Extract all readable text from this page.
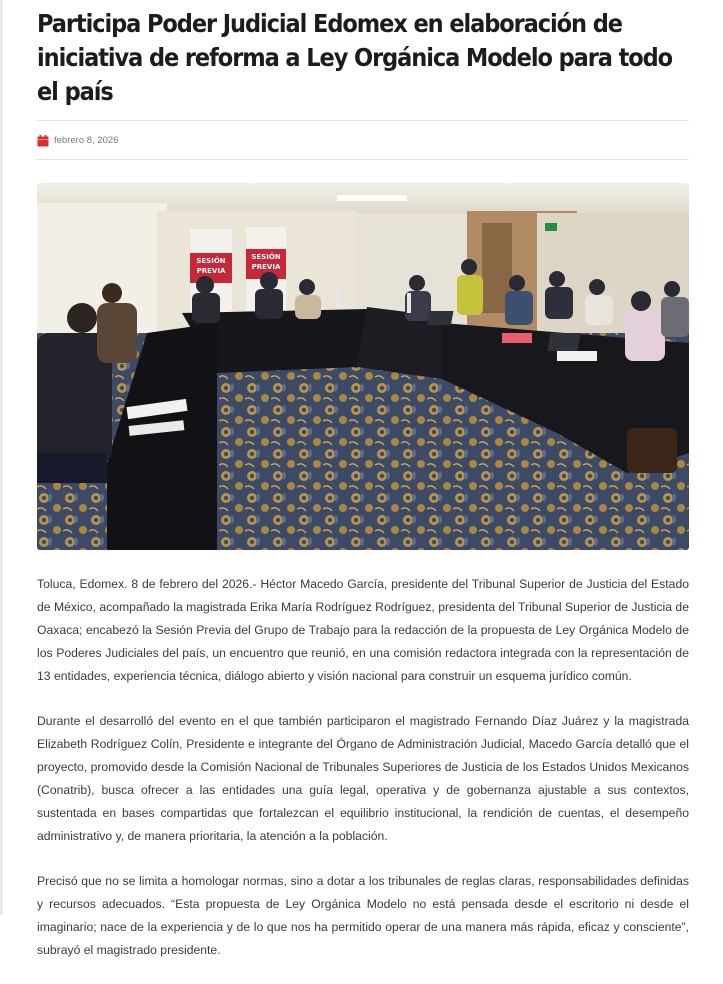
Participa Poder Judicial Edomex en elaboración de iniciativa de reforma a Ley Orgánica Modelo para todo el país
febrero 8, 2026
SESIÓN
PREVIA
SESIÓN
PREVIA

Toluca, Edomex. 8 de febrero del 2026.- Héctor Macedo García, presidente del Tribunal Superior de Justicia del Estado de México, acompañado la magistrada Erika María Rodríguez Rodríguez, presidenta del Tribunal Superior de Justicia de Oaxaca; encabezó la Sesión Previa del Grupo de Trabajo para la redacción de la propuesta de Ley Orgánica Modelo de los Poderes Judiciales del país, un encuentro que reunió, en una comisión redactora integrada con la representación de 13 entidades, experiencia técnica, diálogo abierto y visión nacional para construir un esquema jurídico común.

Durante el desarrolló del evento en el que también participaron el magistrado Fernando Díaz Juárez y la magistrada Elizabeth Rodríguez Colín, Presidente e integrante del Órgano de Administración Judicial, Macedo García detalló que el proyecto, promovido desde la Comisión Nacional de Tribunales Superiores de Justicia de los Estados Unidos Mexicanos (Conatrib), busca ofrecer a las entidades una guía legal, operativa y de gobernanza ajustable a sus contextos, sustentada en bases compartidas que fortalezcan el equilibrio institucional, la rendición de cuentas, el desempeño administrativo y, de manera prioritaria, la atención a la población.

Precisó que no se limita a homologar normas, sino a dotar a los tribunales de reglas claras, responsabilidades definidas y recursos adecuados. “Esta propuesta de Ley Orgánica Modelo no está pensada desde el escritorio ni desde el imaginario; nace de la experiencia y de lo que nos ha permitido operar de una manera más rápida, eficaz y consciente”, subrayó el magistrado presidente.
